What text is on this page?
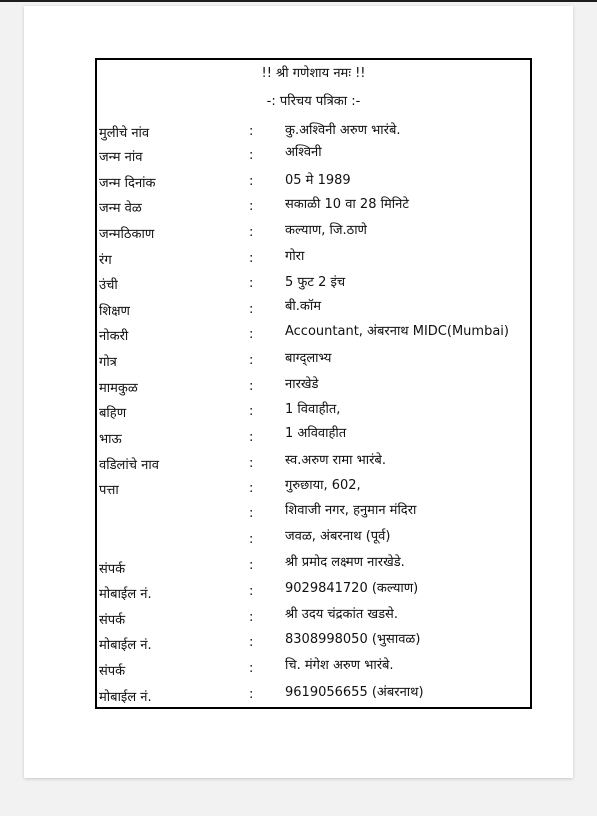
!! श्री गणेशाय नमः !!
-: परिचय पत्रिका :-
मुलीचे नांव	: कु.अश्विनी अरुण भारंबे.
जन्म नांव	: अश्विनी
जन्म दिनांक	: 05 मे 1989
जन्म वेळ	: सकाळी 10 वा 28 मिनिटे
जन्मठिकाण	: कल्याण, जि.ठाणे
रंग	: गोरा
उंची	: 5 फुट 2 इंच
शिक्षण	: बी.कॉम
नोकरी	: Accountant, अंबरनाथ MIDC(Mumbai)
गोत्र	: बाग्द्लाभ्य
मामकुळ	: नारखेडे
बहिण	: 1 विवाहीत,
भाऊ	: 1 अविवाहीत
वडिलांचे नाव	: स्व.अरुण रामा भारंबे.
पत्ता	: गुरुछाया, 602,
: शिवाजी नगर, हनुमान मंदिरा
: जवळ, अंबरनाथ (पूर्व)
संपर्क	: श्री प्रमोद लक्ष्मण नारखेडे.
मोबाईल नं.	: 9029841720 (कल्याण)
संपर्क	: श्री उदय चंद्रकांत खडसे.
मोबाईल नं.	: 8308998050 (भुसावळ)
संपर्क	: चि. मंगेश अरुण भारंबे.
मोबाईल नं.	: 9619056655 (अंबरनाथ)
